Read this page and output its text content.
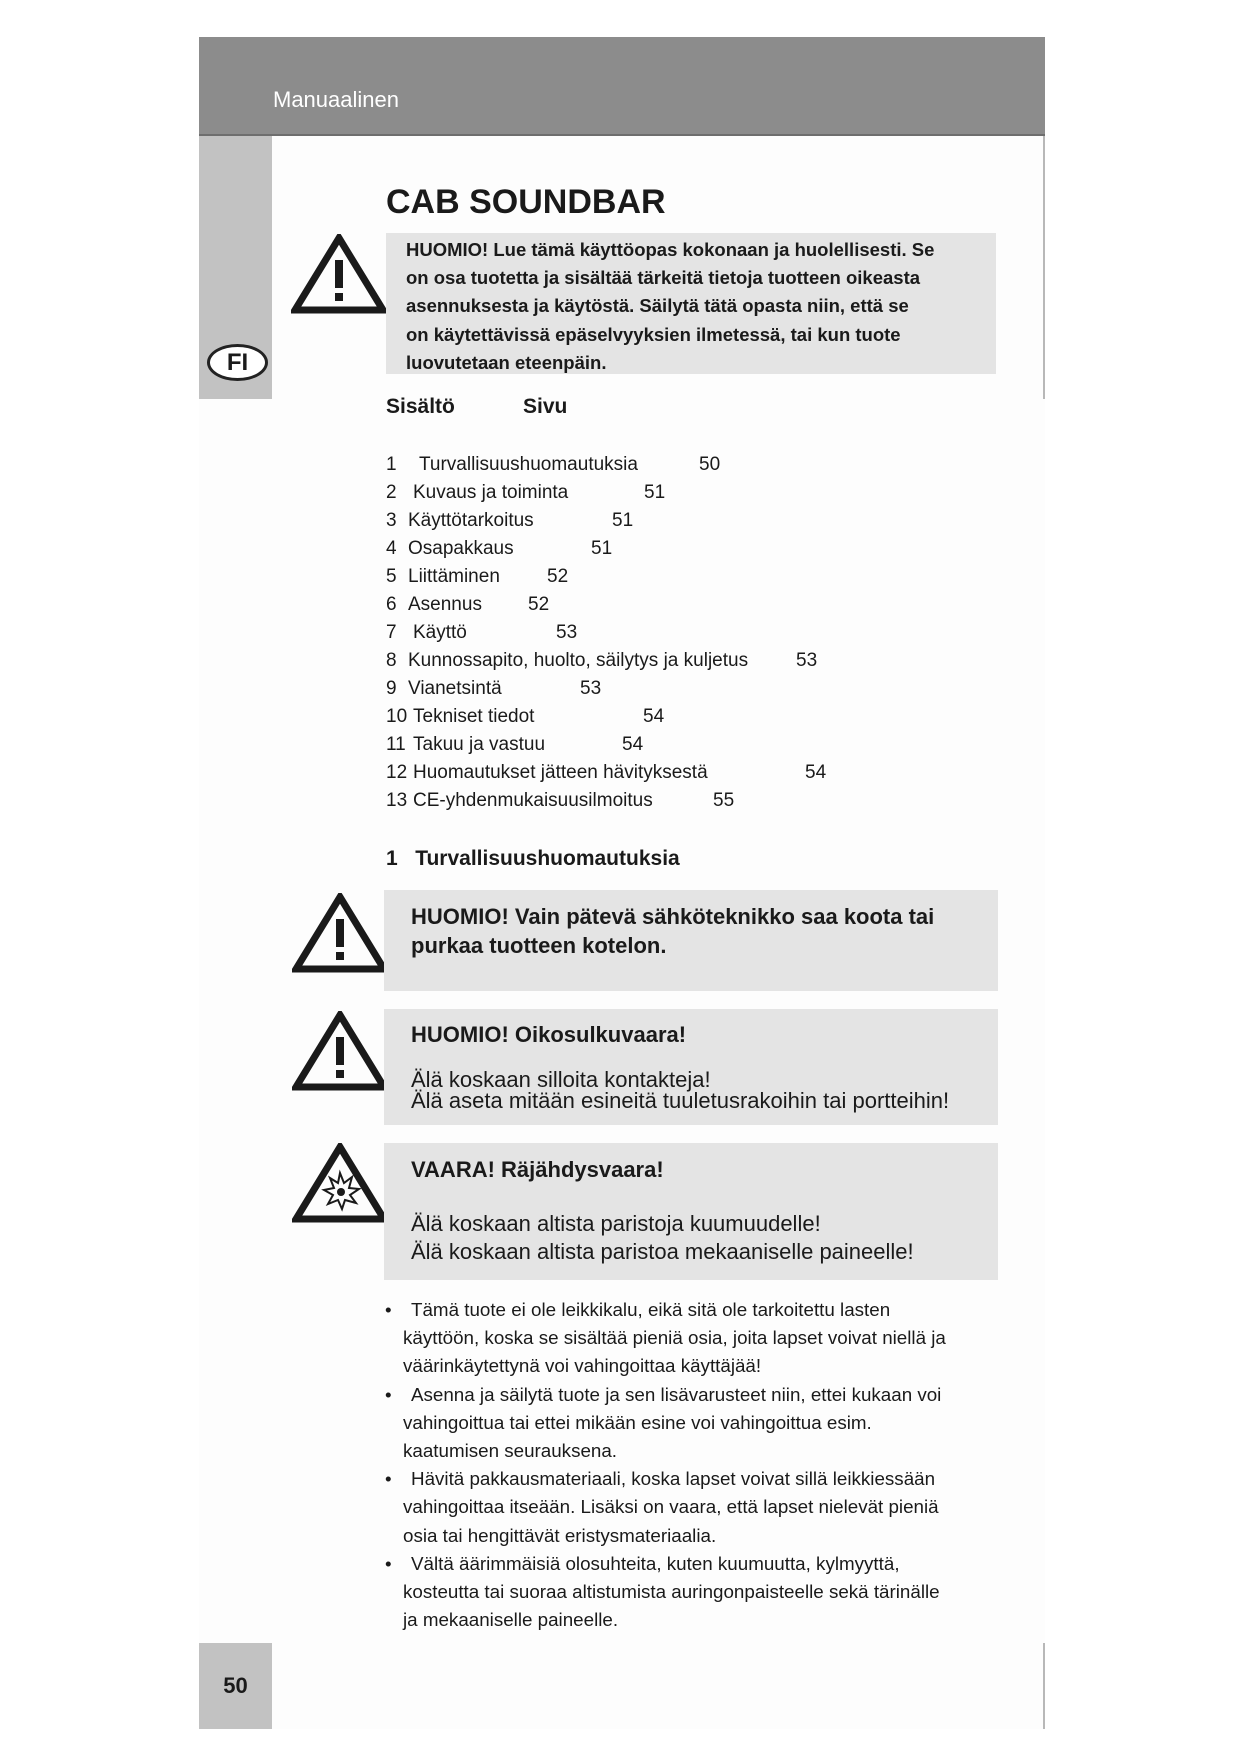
Manuaalinen
FI
50
CAB SOUNDBAR
HUOMIO! Lue tämä käyttöopas kokonaan ja huolellisesti. Se
on osa tuotetta ja sisältää tärkeitä tietoja tuotteen oikeasta
asennuksesta ja käytöstä. Säilytä tätä opasta niin, että se
on käytettävissä epäselvyyksien ilmetessä, tai kun tuote
luovutetaan eteenpäin.
Sisältö	Sivu
1 Turvallisuushuomautuksia	50
2 Kuvaus ja toiminta	51
3 Käyttötarkoitus	51
4 Osapakkaus	51
5 Liittäminen 52
6 Asennus 52
7 Käyttö	53
8 Kunnossapito, huolto, säilytys ja kuljetus	53
9 Vianetsintä	53
10 Tekniset tiedot	54
11 Takuu ja vastuu	54
12 Huomautukset jätteen hävityksestä	54
13 CE-yhdenmukaisuusilmoitus	55
1 Turvallisuushuomautuksia
HUOMIO! Vain pätevä sähköteknikko saa koota tai
purkaa tuotteen kotelon.
HUOMIO! Oikosulkuvaara!
Älä koskaan silloita kontakteja!
Älä aseta mitään esineitä tuuletusrakoihin tai portteihin!
VAARA! Räjähdysvaara!
Älä koskaan altista paristoja kuumuudelle!
Älä koskaan altista paristoa mekaaniselle paineelle!
•	Tämä tuote ei ole leikkikalu, eikä sitä ole tarkoitettu lasten
käyttöön, koska se sisältää pieniä osia, joita lapset voivat niellä ja
väärinkäytettynä voi vahingoittaa käyttäjää!
•	Asenna ja säilytä tuote ja sen lisävarusteet niin, ettei kukaan voi
vahingoittua tai ettei mikään esine voi vahingoittua esim.
kaatumisen seurauksena.
•	Hävitä pakkausmateriaali, koska lapset voivat sillä leikkiessään
vahingoittaa itseään. Lisäksi on vaara, että lapset nielevät pieniä
osia tai hengittävät eristysmateriaalia.
•	Vältä äärimmäisiä olosuhteita, kuten kuumuutta, kylmyyttä,
kosteutta tai suoraa altistumista auringonpaisteelle sekä tärinälle
ja mekaaniselle paineelle.
